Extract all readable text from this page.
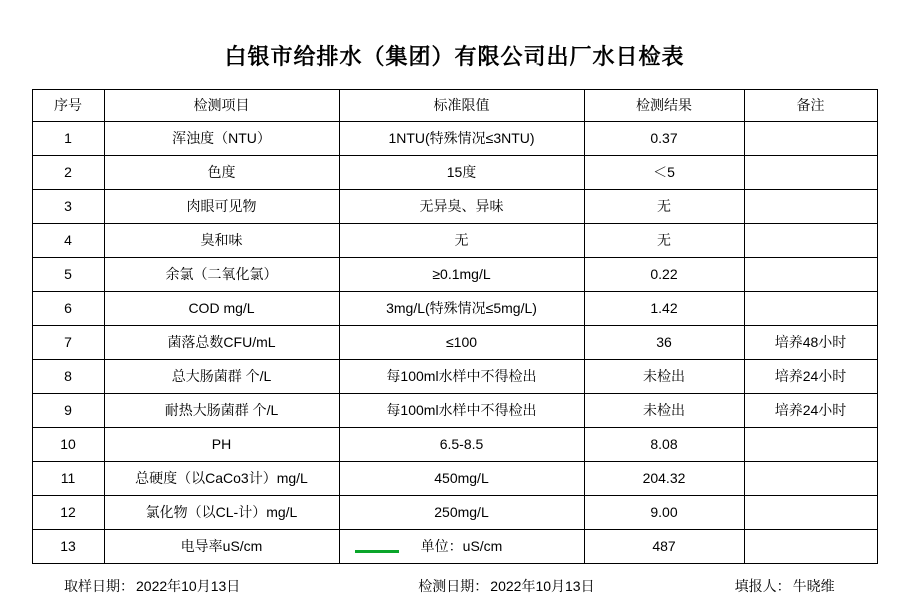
白银市给排水（集团）有限公司出厂水日检表
序号	检测项目	标准限值	检测结果	备注
1	浑浊度（NTU）	1NTU(特殊情况≤3NTU)	0.37	
2	色度	15度	＜5	
3	肉眼可见物	无异臭、异味	无	
4	臭和味	无	无	
5	余氯（二氧化氯）	≥0.1mg/L	0.22	
6	COD mg/L	3mg/L(特殊情况≤5mg/L)	1.42	
7	菌落总数CFU/mL	≤100	36	培养48小时
8	总大肠菌群 个/L	每100ml水样中不得检出	未检出	培养24小时
9	耐热大肠菌群 个/L	每100ml水样中不得检出	未检出	培养24小时
10	PH	6.5-8.5	8.08	
11	总硬度（以CaCo3计）mg/L	450mg/L	204.32	
12	氯化物（以CL-计）mg/L	250mg/L	9.00	
13	电导率uS/cm	单位：uS/cm	487	
取样日期： 2022年10月13日	检测日期： 2022年10月13日	填报人： 牛晓维
